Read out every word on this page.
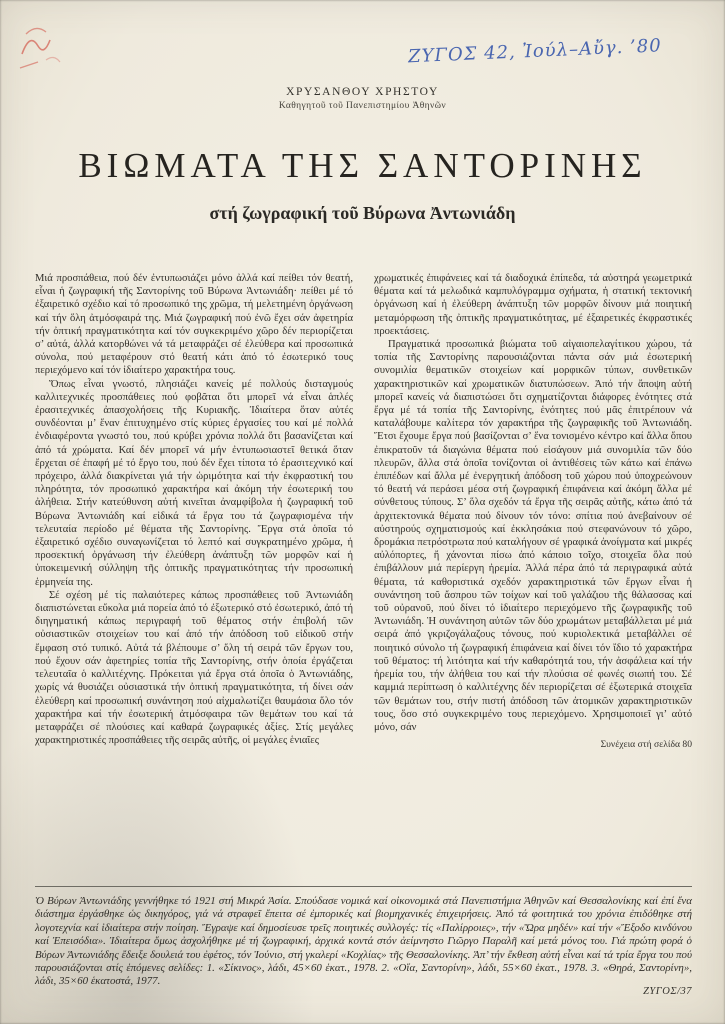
ΖΥΓΟΣ 42, Ἰούλ–Αὔγ. ’80
ΧΡΥΣΑΝΘΟΥ ΧΡΗΣΤΟΥ
Καθηγητοῦ τοῦ Πανεπιστημίου Ἀθηνῶν
ΒΙΩΜΑΤΑ ΤΗΣ ΣΑΝΤΟΡΙΝΗΣ
στή ζωγραφική τοῦ Βύρωνα Ἀντωνιάδη

Μιά προσπάθεια, πού δέν ἐντυπωσιάζει μόνο ἀλλά καί πείθει τόν θεατή, εἶναι ἡ ζωγραφική τῆς Σαντορίνης τοῦ Βύρωνα Ἀντωνιάδη· πείθει μέ τό ἐξαιρετικό σχέδιο καί τό προσωπικό της χρῶμα, τή μελετημένη ὀργάνωση καί τήν ὅλη ἀτμόσφαιρά της. Μιά ζωγραφική πού ἐνῶ ἔχει σάν ἀφετηρία τήν ὀπτική πραγματικότητα καί τόν συγκεκριμένο χῶρο δέν περιορίζεται σ’ αὐτά, ἀλλά κατορθώνει νά τά μεταφράζει σέ ἐλεύθερα καί προσωπικά σύνολα, πού μεταφέρουν στό θεατή κάτι ἀπό τό ἐσωτερικό τους περιεχόμενο καί τόν ἰδιαίτερο χαρακτήρα τους.

Ὅπως εἶναι γνωστό, πλησιάζει κανείς μέ πολλούς δισταγμούς καλλιτεχνικές προσπάθειες πού φοβᾶται ὅτι μπορεῖ νά εἶναι ἁπλές ἐρασιτεχνικές ἀπασχολήσεις τῆς Κυριακῆς. Ἰδιαίτερα ὅταν αὐτές συνδέονται μ’ ἕναν ἐπιτυχημένο στίς κύριες ἐργασίες του καί μέ πολλά ἐνδιαφέροντα γνωστό του, πού κρύβει χρόνια πολλά ὅτι βασανίζεται καί ἀπό τά χρώματα. Καί δέν μπορεῖ νά μήν ἐντυπωσιαστεῖ θετικά ὅταν ἔρχεται σέ ἐπαφή μέ τό ἔργο του, πού δέν ἔχει τίποτα τό ἐρασιτεχνικό καί πρόχειρο, ἀλλά διακρίνεται γιά τήν ὡριμότητα καί τήν ἐκφραστική του πληρότητα, τόν προσωπικό χαρακτήρα καί ἀκόμη τήν ἐσωτερική του ἀλήθεια. Στήν κατεύθυνση αὐτή κινεῖται ἀναμφίβολα ἡ ζωγραφική τοῦ Βύρωνα Ἀντωνιάδη καί εἰδικά τά ἔργα του τά ζωγραφισμένα τήν τελευταία περίοδο μέ θέματα τῆς Σαντορίνης. Ἔργα στά ὁποῖα τό ἐξαιρετικό σχέδιο συναγωνίζεται τό λεπτό καί συγκρατημένο χρῶμα, ἡ προσεκτική ὀργάνωση τήν ἐλεύθερη ἀνάπτυξη τῶν μορφῶν καί ἡ ὑποκειμενική σύλληψη τῆς ὀπτικῆς πραγματικότητας τήν προσωπική ἑρμηνεία της.

Σέ σχέση μέ τίς παλαιότερες κάπως προσπάθειες τοῦ Ἀντωνιάδη διαπιστώνεται εὔκολα μιά πορεία ἀπό τό ἐξωτερικό στό ἐσωτερικό, ἀπό τή διηγηματική κάπως περιγραφή τοῦ θέματος στήν ἐπιβολή τῶν οὐσιαστικῶν στοιχείων του καί ἀπό τήν ἀπόδοση τοῦ εἰδικοῦ στήν ἔμφαση στό τυπικό. Αὐτά τά βλέπουμε σ’ ὅλη τή σειρά τῶν ἔργων του, πού ἔχουν σάν ἀφετηρίες τοπία τῆς Σαντορίνης, στήν ὁποία ἐργάζεται τελευταῖα ὁ καλλιτέχνης. Πρόκειται γιά ἔργα στά ὁποῖα ὁ Ἀντωνιάδης, χωρίς νά θυσιάζει οὐσιαστικά τήν ὀπτική πραγματικότητα, τή δίνει σάν ἐλεύθερη καί προσωπική συνάντηση πού αἰχμαλωτίζει θαυμάσια ὅλο τόν χαρακτήρα καί τήν ἐσωτερική ἀτμόσφαιρα τῶν θεμάτων του καί τά μεταφράζει σέ πλούσιες καί καθαρά ζωγραφικές ἀξίες. Στίς μεγάλες χαρακτηριστικές προσπάθειες τῆς σειρᾶς αὐτῆς, οἱ μεγάλες ἑνιαῖες

χρωματικές ἐπιφάνειες καί τά διαδοχικά ἐπίπεδα, τά αὐστηρά γεωμετρικά θέματα καί τά μελωδικά καμπυλόγραμμα σχήματα, ἡ στατική τεκτονική ὀργάνωση καί ἡ ἐλεύθερη ἀνάπτυξη τῶν μορφῶν δίνουν μιά ποιητική μεταμόρφωση τῆς ὀπτικῆς πραγματικότητας, μέ ἐξαιρετικές ἐκφραστικές προεκτάσεις.

Πραγματικά προσωπικά βιώματα τοῦ αἰγαιοπελαγίτικου χώρου, τά τοπία τῆς Σαντορίνης παρουσιάζονται πάντα σάν μιά ἐσωτερική συνομιλία θεματικῶν στοιχείων καί μορφικῶν τύπων, συνθετικῶν χαρακτηριστικῶν καί χρωματικῶν διατυπώσεων. Ἀπό τήν ἄποψη αὐτή μπορεῖ κανείς νά διαπιστώσει ὅτι σχηματίζονται διάφορες ἑνότητες στά ἔργα μέ τά τοπία τῆς Σαντορίνης, ἑνότητες πού μᾶς ἐπιτρέπουν νά καταλάβουμε καλίτερα τόν χαρακτήρα τῆς ζωγραφικῆς τοῦ Ἀντωνιάδη. Ἔτσι ἔχουμε ἔργα πού βασίζονται σ’ ἕνα τονισμένο κέντρο καί ἄλλα ὅπου ἐπικρατοῦν τά διαγώνια θέματα πού εἰσάγουν μιά συνομιλία τῶν δύο πλευρῶν, ἄλλα στά ὁποῖα τονίζονται οἱ ἀντιθέσεις τῶν κάτω καί ἐπάνω ἐπιπέδων καί ἄλλα μέ ἐνεργητική ἀπόδοση τοῦ χώρου πού ὑποχρεώνουν τό θεατή νά περάσει μέσα στή ζωγραφική ἐπιφάνεια καί ἀκόμη ἄλλα μέ σύνθετους τύπους. Σ’ ὅλα σχεδόν τά ἔργα τῆς σειρᾶς αὐτῆς, κάτω ἀπό τά ἀρχιτεκτονικά θέματα πού δίνουν τόν τόνο: σπίτια πού ἀνεβαίνουν σέ αὐστηρούς σχηματισμούς καί ἐκκλησάκια πού στεφανώνουν τό χῶρο, δρομάκια πετρόστρωτα πού καταλήγουν σέ γραφικά ἀνοίγματα καί μικρές αὐλόπορτες, ἤ χάνονται πίσω ἀπό κάποιο τοῖχο, στοιχεῖα ὅλα πού ἐπιβάλλουν μιά περίεργη ἠρεμία. Ἀλλά πέρα ἀπό τά περιγραφικά αὐτά θέματα, τά καθοριστικά σχεδόν χαρακτηριστικά τῶν ἔργων εἶναι ἡ συνάντηση τοῦ ἄσπρου τῶν τοίχων καί τοῦ γαλάζιου τῆς θάλασσας καί τοῦ οὐρανοῦ, πού δίνει τό ἰδιαίτερο περιεχόμενο τῆς ζωγραφικῆς τοῦ Ἀντωνιάδη. Ἡ συνάντηση αὐτῶν τῶν δύο χρωμάτων μεταβάλλεται μέ μιά σειρά ἀπό γκριζογάλαζους τόνους, πού κυριολεκτικά μεταβάλλει σέ ποιητικό σύνολο τή ζωγραφική ἐπιφάνεια καί δίνει τόν ἴδιο τό χαρακτήρα τοῦ θέματος: τή λιτότητα καί τήν καθαρότητά του, τήν ἀσφάλεια καί τήν ἠρεμία του, τήν ἀλήθεια του καί τήν πλούσια σέ φωνές σιωπή του. Σέ καμμιά περίπτωση ὁ καλλιτέχνης δέν περιορίζεται σέ ἐξωτερικά στοιχεῖα τῶν θεμάτων του, στήν πιστή ἀπόδοση τῶν ἀτομικῶν χαρακτηριστικῶν τους, ὅσο στό συγκεκριμένο τους περιεχόμενο. Χρησιμοποιεῖ γι’ αὐτό μόνο, σάν

Συνέχεια στή σελίδα 80

Ὁ Βύρων Ἀντωνιάδης γεννήθηκε τό 1921 στή Μικρά Ἀσία. Σπούδασε νομικά καί οἰκονομικά στά Πανεπιστήμια Ἀθηνῶν καί Θεσσαλονίκης καί ἐπί ἕνα διάστημα ἐργάσθηκε ὡς δικηγόρος, γιά νά στραφεῖ ἔπειτα σέ ἐμπορικές καί βιομηχανικές ἐπιχειρήσεις. Ἀπό τά φοιτητικά του χρόνια ἐπιδόθηκε στή λογοτεχνία καί ἰδιαίτερα στήν ποίηση. Ἔγραψε καί δημοσίευσε τρεῖς ποιητικές συλλογές: τίς «Παλίρροιες», τήν «Ὥρα μηδέν» καί τήν «Ἔξοδο κινδύνου καί Ἐπεισόδια». Ἰδιαίτερα ὅμως ἀσχολήθηκε μέ τή ζωγραφική, ἀρχικά κοντά στόν ἀείμνηστο Γιῶργο Παραλῆ καί μετά μόνος του. Γιά πρώτη φορά ὁ Βύρων Ἀντωνιάδης ἔδειξε δουλειά του ἐφέτος, τόν Ἰούνιο, στή γκαλερί «Κοχλίας» τῆς Θεσσαλονίκης. Ἀπ’ τήν ἔκθεση αὐτή εἶναι καί τά τρία ἔργα του πού παρουσιάζονται στίς ἑπόμενες σελίδες: 1. «Σίκινος», λάδι, 45×60 ἑκατ., 1978. 2. «Οἵα, Σαντορίνη», λάδι, 55×60 ἑκατ., 1978. 3. «Θηρά, Σαντορίνη», λάδι, 35×60 ἑκατοστά, 1977.

ΖΥΓΟΣ/37
